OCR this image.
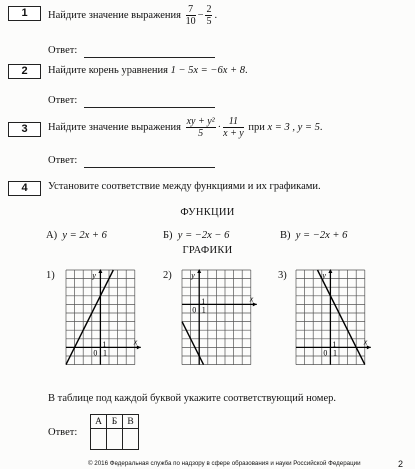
1	Найдите значение выражения $\frac{7}{10} - \frac{2}{5}$ .
Ответ:
2	Найдите корень уравнения 1 − 5x = −6x + 8.
Ответ:
3	Найдите значение выражения $\frac{\text{xy + y²}}{5} \cdot \frac{11}{x + y}$ при x = 3 , y = 5.
Ответ:
4	Установите соответствие между функциями и их графиками.
ФУНКЦИИ
А) y = 2x + 6	Б) y = −2x − 6	В) y = −2x + 6
ГРАФИКИ
1)	2)	3)
y
x
0 1
1
y
x
0 1
1
y
x
0 1
1
В таблице под каждой буквой укажите соответствующий номер.
Ответ:
А	Б	В

© 2016 Федеральная служба по надзору в сфере образования и науки Российской Федерации	2
